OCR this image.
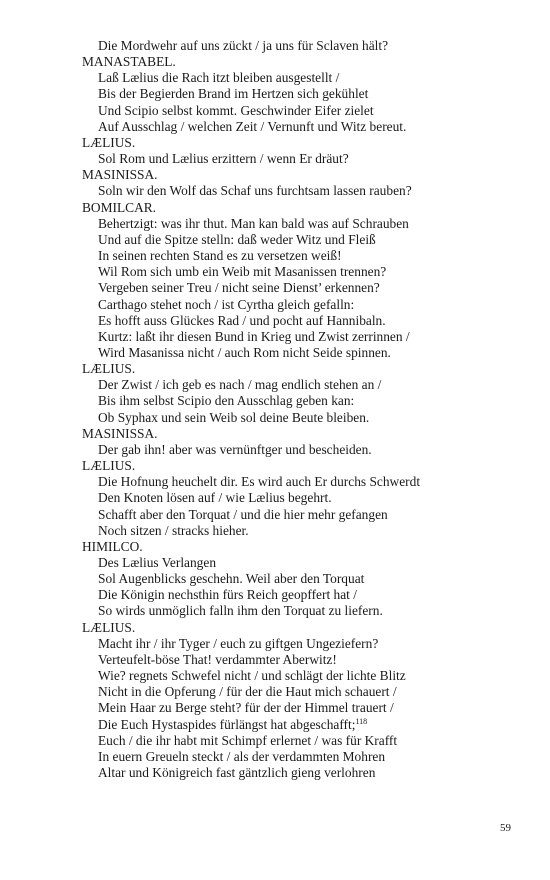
Die Mordwehr auf uns zückt / ja uns für Sclaven hält?
MANASTABEL.
Laß Lælius die Rach itzt bleiben ausgestellt /
Bis der Begierden Brand im Hertzen sich gekühlet
Und Scipio selbst kommt. Geschwinder Eifer zielet
Auf Ausschlag / welchen Zeit / Vernunft und Witz bereut.
LÆLIUS.
Sol Rom und Lælius erzittern / wenn Er dräut?
MASINISSA.
Soln wir den Wolf das Schaf uns furchtsam lassen rauben?
BOMILCAR.
Behertzigt: was ihr thut. Man kan bald was auf Schrauben
Und auf die Spitze stelln: daß weder Witz und Fleiß
In seinen rechten Stand es zu versetzen weiß!
Wil Rom sich umb ein Weib mit Masanissen trennen?
Vergeben seiner Treu / nicht seine Dienst’ erkennen?
Carthago stehet noch / ist Cyrtha gleich gefalln:
Es hofft auss Glückes Rad / und pocht auf Hannibaln.
Kurtz: laßt ihr diesen Bund in Krieg und Zwist zerrinnen /
Wird Masanissa nicht / auch Rom nicht Seide spinnen.
LÆLIUS.
Der Zwist / ich geb es nach / mag endlich stehen an /
Bis ihm selbst Scipio den Ausschlag geben kan:
Ob Syphax und sein Weib sol deine Beute bleiben.
MASINISSA.
Der gab ihn! aber was vernünftger und bescheiden.
LÆLIUS.
Die Hofnung heuchelt dir. Es wird auch Er durchs Schwerdt
Den Knoten lösen auf / wie Lælius begehrt.
Schafft aber den Torquat / und die hier mehr gefangen
Noch sitzen / stracks hieher.
HIMILCO.
Des Lælius Verlangen
Sol Augenblicks geschehn. Weil aber den Torquat
Die Königin nechsthin fürs Reich geopffert hat /
So wirds unmöglich falln ihm den Torquat zu liefern.
LÆLIUS.
Macht ihr / ihr Tyger / euch zu giftgen Ungeziefern?
Verteufelt-böse That! verdammter Aberwitz!
Wie? regnets Schwefel nicht / und schlägt der lichte Blitz
Nicht in die Opferung / für der die Haut mich schauert /
Mein Haar zu Berge steht? für der der Himmel trauert /
Die Euch Hystaspides fürlängst hat abgeschafft;$^{118}$
Euch / die ihr habt mit Schimpf erlernet / was für Krafft
In euern Greueln steckt / als der verdammten Mohren
Altar und Königreich fast gäntzlich gieng verlohren
59
